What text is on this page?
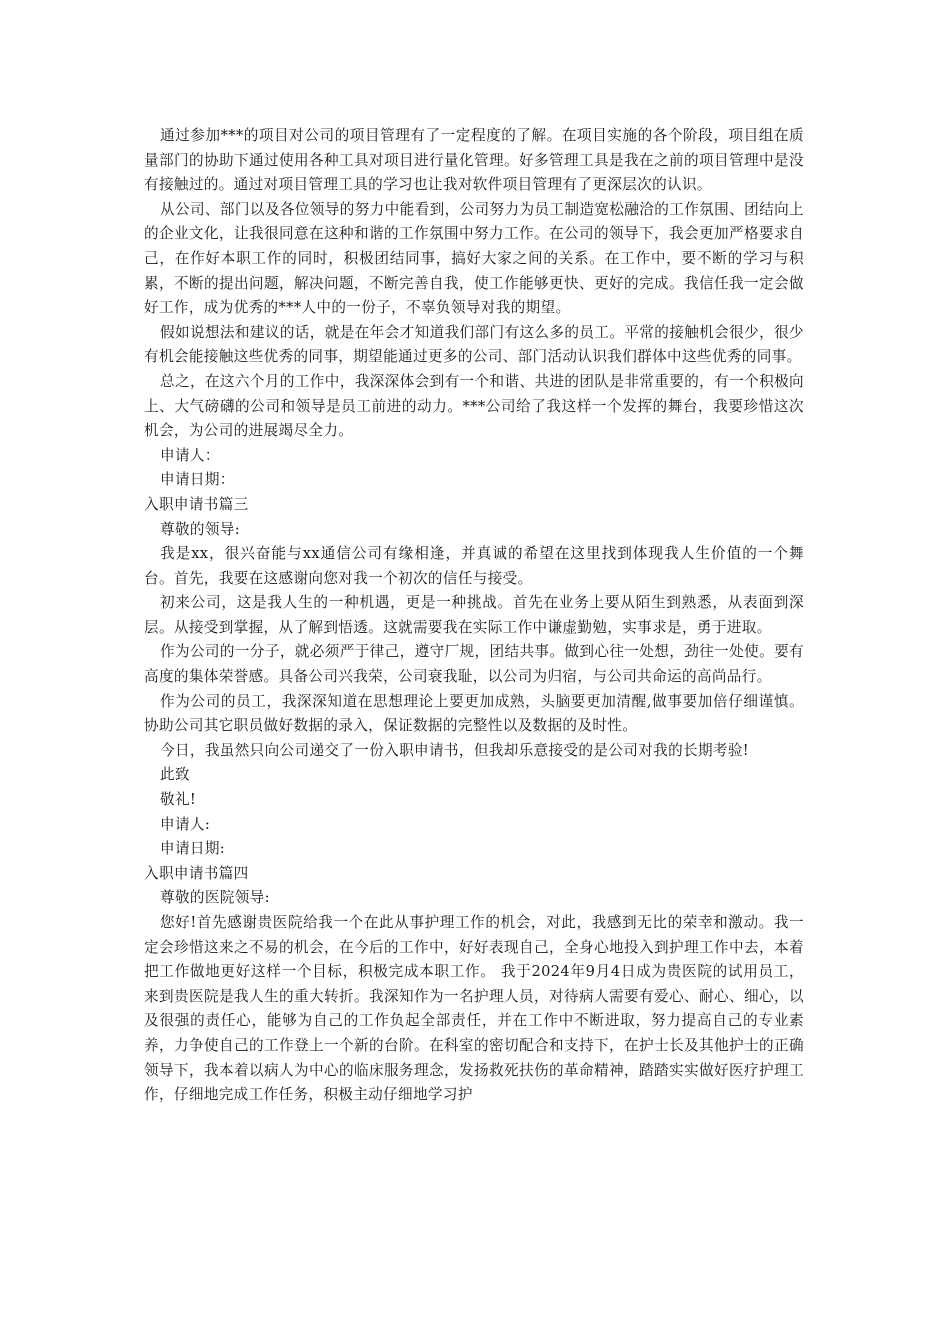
通过参加***的项目对公司的项目管理有了一定程度的了解。在项目实施的各个阶段，项目组在质量部门的协助下通过使用各种工具对项目进行量化管理。好多管理工具是我在之前的项目管理中是没有接触过的。通过对项目管理工具的学习也让我对软件项目管理有了更深层次的认识。

从公司、部门以及各位领导的努力中能看到，公司努力为员工制造宽松融洽的工作氛围、团结向上的企业文化，让我很同意在这种和谐的工作氛围中努力工作。在公司的领导下，我会更加严格要求自己，在作好本职工作的同时，积极团结同事，搞好大家之间的关系。在工作中，要不断的学习与积累，不断的提出问题，解决问题，不断完善自我，使工作能够更快、更好的完成。我信任我一定会做好工作，成为优秀的***人中的一份子，不辜负领导对我的期望。

假如说想法和建议的话，就是在年会才知道我们部门有这么多的员工。平常的接触机会很少，很少有机会能接触这些优秀的同事，期望能通过更多的公司、部门活动认识我们群体中这些优秀的同事。

总之，在这六个月的工作中，我深深体会到有一个和谐、共进的团队是非常重要的，有一个积极向上、大气磅礴的公司和领导是员工前进的动力。***公司给了我这样一个发挥的舞台，我要珍惜这次机会，为公司的进展竭尽全力。

申请人：

申请日期：

入职申请书篇三

尊敬的领导:

我是xx，很兴奋能与xx通信公司有缘相逢，并真诚的希望在这里找到体现我人生价值的一个舞台。首先，我要在这感谢向您对我一个初次的信任与接受。

初来公司，这是我人生的一种机遇，更是一种挑战。首先在业务上要从陌生到熟悉，从表面到深层。从接受到掌握，从了解到悟透。这就需要我在实际工作中谦虚勤勉，实事求是，勇于进取。

作为公司的一分子，就必须严于律己，遵守厂规，团结共事。做到心往一处想，劲往一处使。要有高度的集体荣誉感。具备公司兴我荣，公司衰我耻，以公司为归宿，与公司共命运的高尚品行。

作为公司的员工，我深深知道在思想理论上要更加成熟，头脑要更加清醒,做事要加倍仔细谨慎。协助公司其它职员做好数据的录入，保证数据的完整性以及数据的及时性。

今日，我虽然只向公司递交了一份入职申请书，但我却乐意接受的是公司对我的长期考验!

此致

敬礼!

申请人:

申请日期:

入职申请书篇四

尊敬的医院领导:

您好!首先感谢贵医院给我一个在此从事护理工作的机会，对此，我感到无比的荣幸和激动。我一定会珍惜这来之不易的机会，在今后的工作中，好好表现自己，全身心地投入到护理工作中去，本着把工作做地更好这样一个目标，积极完成本职工作。 我于2024年9月4日成为贵医院的试用员工，来到贵医院是我人生的重大转折。我深知作为一名护理人员，对待病人需要有爱心、耐心、细心，以及很强的责任心，能够为自己的工作负起全部责任，并在工作中不断进取，努力提高自己的专业素养，力争使自己的工作登上一个新的台阶。在科室的密切配合和支持下，在护士长及其他护士的正确领导下，我本着以病人为中心的临床服务理念，发扬救死扶伤的革命精神，踏踏实实做好医疗护理工作，仔细地完成工作任务，积极主动仔细地学习护
